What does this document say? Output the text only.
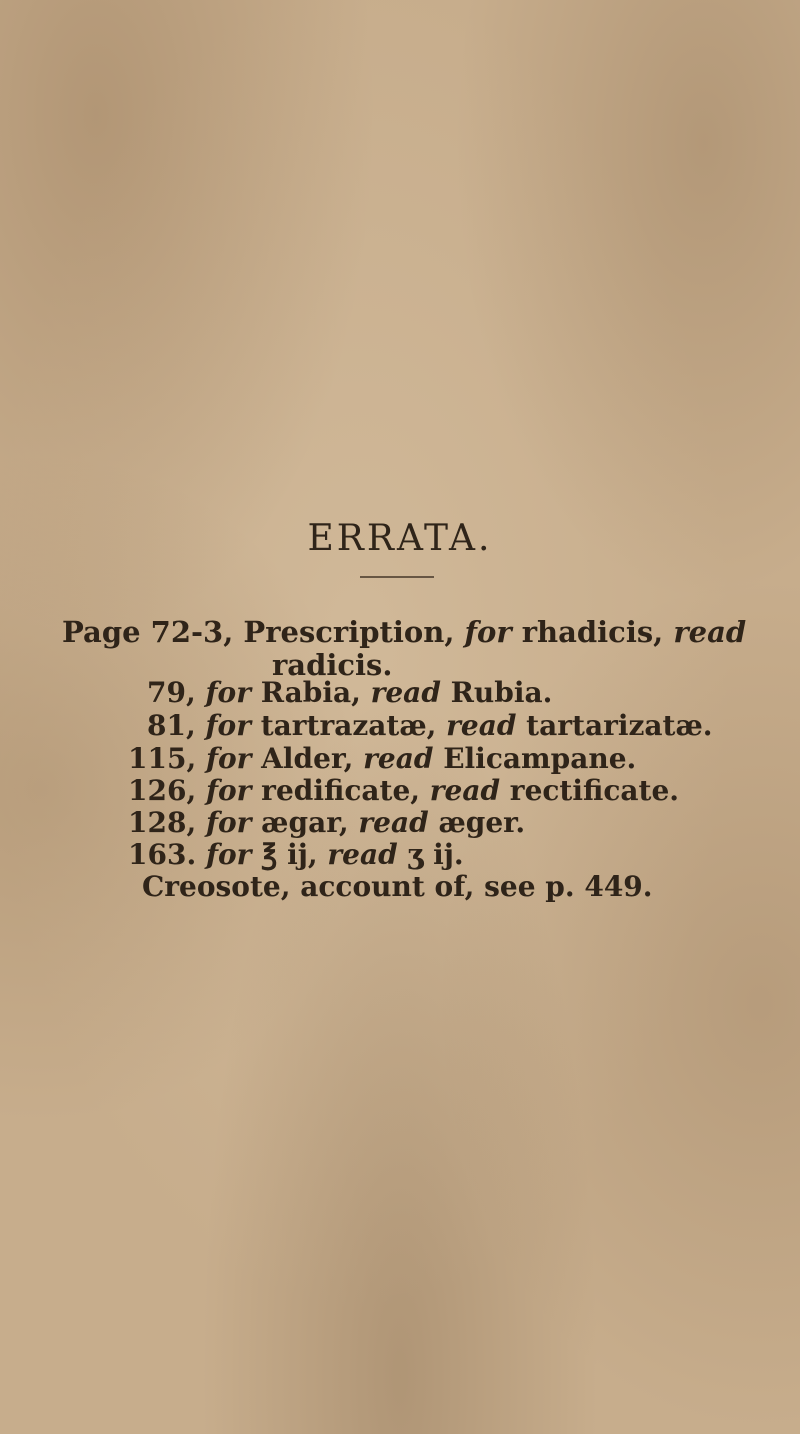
ERRATA.
Page 72-3, Prescription, for rhadicis, read
radicis.
79, for Rabia, read Rubia.
81, for tartrazatæ, read tartarizatæ.
115, for Alder, read Elicampane.
126, for redificate, read rectificate.
128, for ægar, read æger.
163. for ℥ ij, read ʒ ij.
Creosote, account of, see p. 449.
